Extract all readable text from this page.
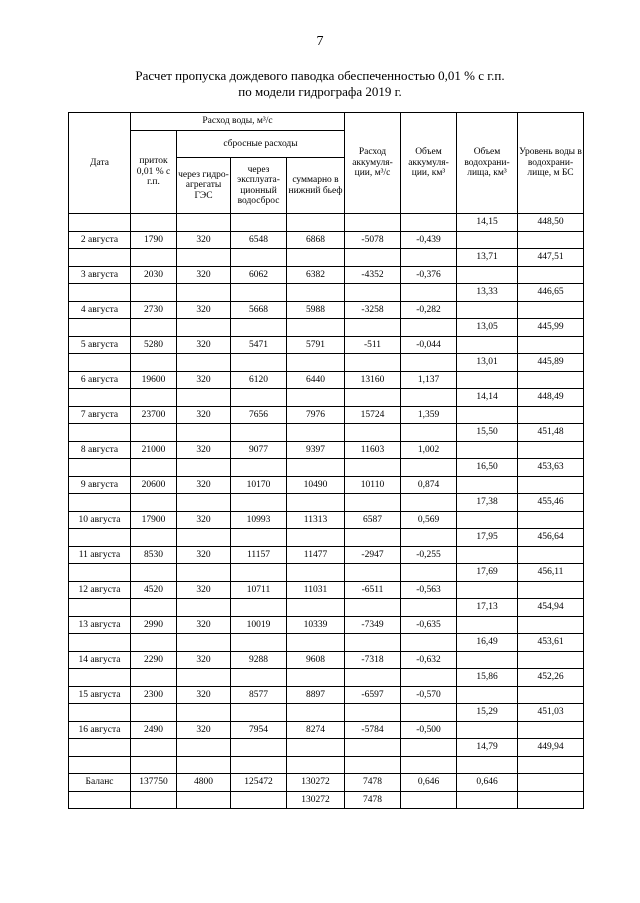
7
Расчет пропуска дождевого паводка обеспеченностью 0,01 % с г.п.
по модели гидрографа 2019 г.
Дата	Расход воды, м³/с				Расход аккумуля-ции, м³/с	Объем аккумуля-ции, км³	Объем водохрани-лища, км³	Уровень воды в водохрани-лище, м БС
	приток 0,01 % с г.п.	сбросные расходы						
		через гидро-агрегаты ГЭС	через эксплуата-ционный водосброс	суммарно в нижний бьеф				
							14,15	448,50
2 августа	1790	320	6548	6868	-5078	-0,439		
							13,71	447,51
3 августа	2030	320	6062	6382	-4352	-0,376		
							13,33	446,65
4 августа	2730	320	5668	5988	-3258	-0,282		
							13,05	445,99
5 августа	5280	320	5471	5791	-511	-0,044		
							13,01	445,89
6 августа	19600	320	6120	6440	13160	1,137		
							14,14	448,49
7 августа	23700	320	7656	7976	15724	1,359		
							15,50	451,48
8 августа	21000	320	9077	9397	11603	1,002		
							16,50	453,63
9 августа	20600	320	10170	10490	10110	0,874		
							17,38	455,46
10 августа	17900	320	10993	11313	6587	0,569		
							17,95	456,64
11 августа	8530	320	11157	11477	-2947	-0,255		
							17,69	456,11
12 августа	4520	320	10711	11031	-6511	-0,563		
							17,13	454,94
13 августа	2990	320	10019	10339	-7349	-0,635		
							16,49	453,61
14 августа	2290	320	9288	9608	-7318	-0,632		
							15,86	452,26
15 августа	2300	320	8577	8897	-6597	-0,570		
							15,29	451,03
16 августа	2490	320	7954	8274	-5784	-0,500		
							14,79	449,94

Баланс	137750	4800	125472	130272	7478	0,646	0,646	
				130272	7478			
